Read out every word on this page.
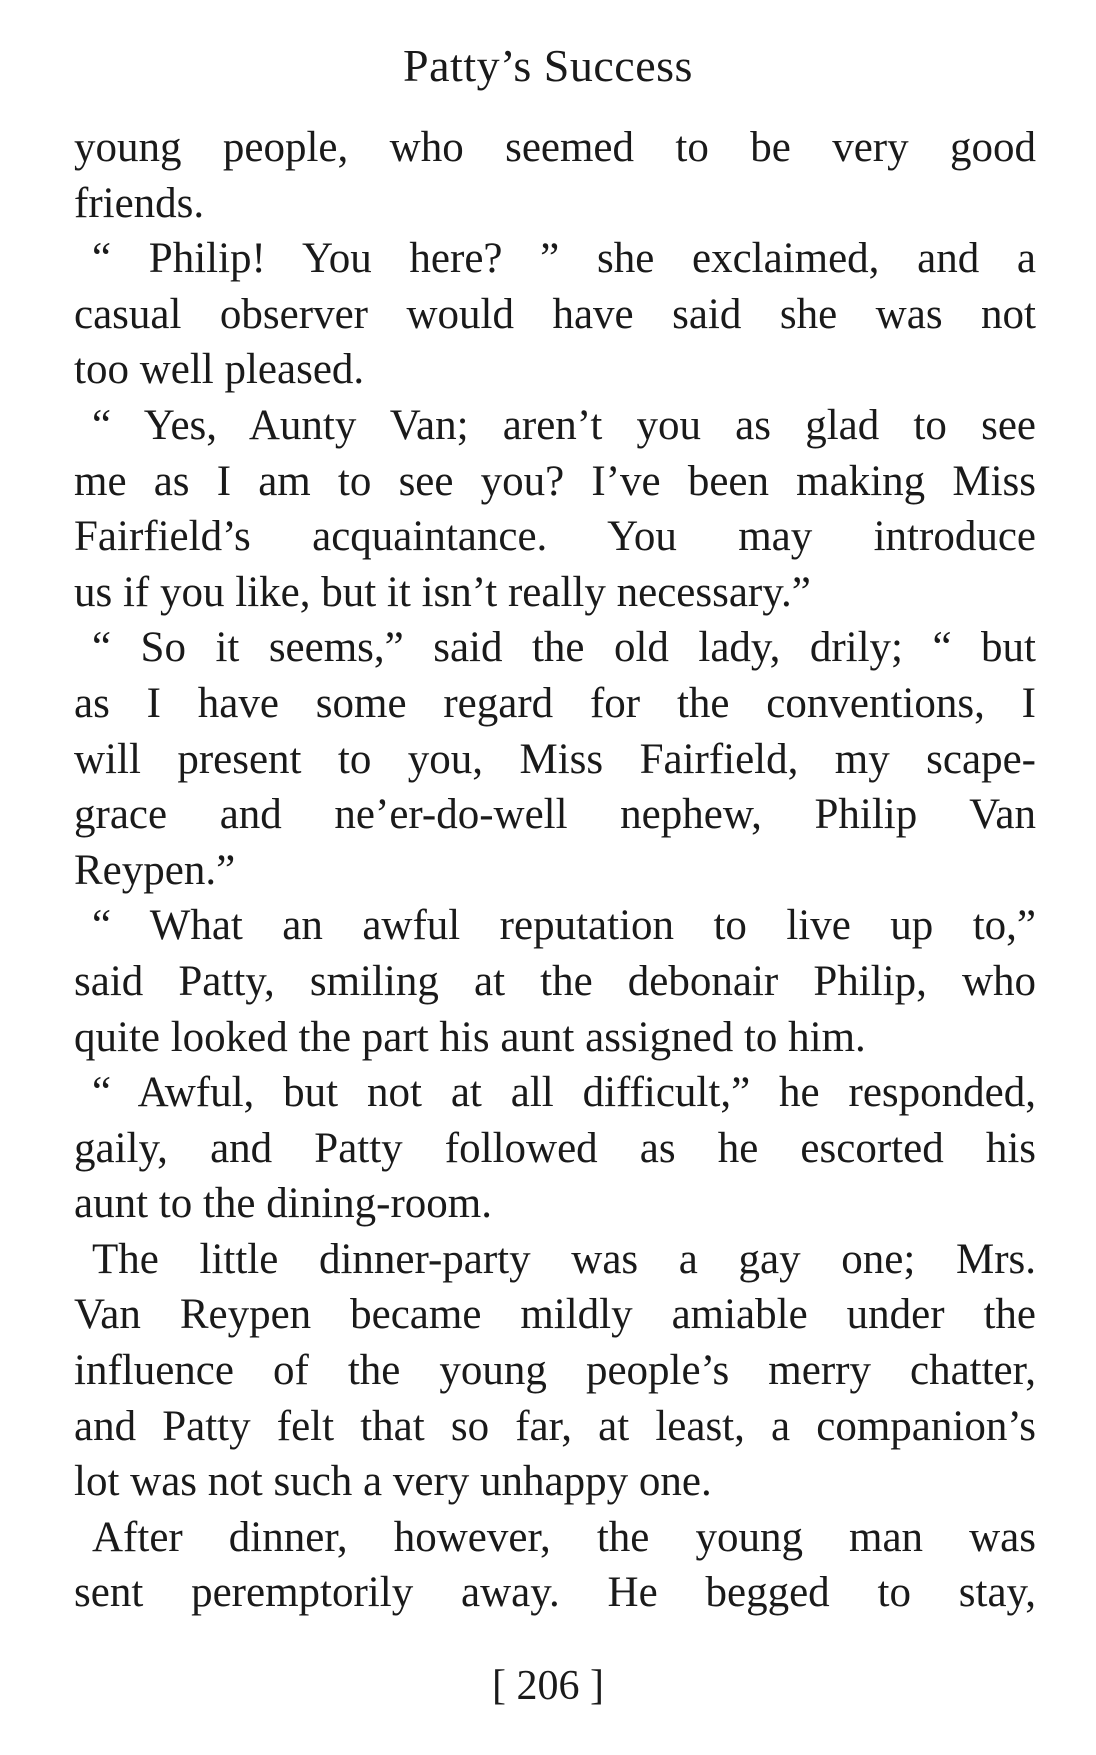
Patty’s Success
young people, who seemed to be very good
friends.
“ Philip! You here? ” she exclaimed, and a
casual observer would have said she was not
too well pleased.
“ Yes, Aunty Van; aren’t you as glad to see
me as I am to see you? I’ve been making Miss
Fairfield’s acquaintance. You may introduce
us if you like, but it isn’t really necessary.”
“ So it seems,” said the old lady, drily; “ but
as I have some regard for the conventions, I
will present to you, Miss Fairfield, my scape-
grace and ne’er-do-well nephew, Philip Van
Reypen.”
“ What an awful reputation to live up to,”
said Patty, smiling at the debonair Philip, who
quite looked the part his aunt assigned to him.
“ Awful, but not at all difficult,” he responded,
gaily, and Patty followed as he escorted his
aunt to the dining-room.
The little dinner-party was a gay one; Mrs.
Van Reypen became mildly amiable under the
influence of the young people’s merry chatter,
and Patty felt that so far, at least, a companion’s
lot was not such a very unhappy one.
After dinner, however, the young man was
sent peremptorily away. He begged to stay,
[ 206 ]
